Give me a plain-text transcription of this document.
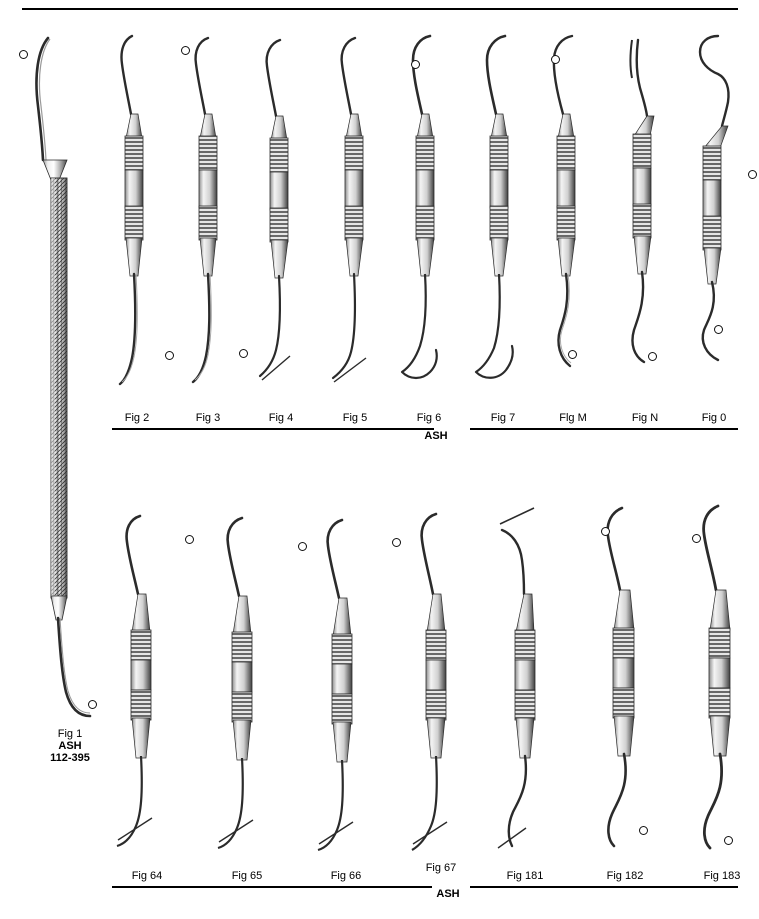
Fig 1
ASH
112-395
Fig 2	Fig 3	Fig 4	Fig 5	Fig 6	Fig 7	Flg M	Fig N	Fig 0
ASH
Fig 64	Fig 65	Fig 66
Fig 67
Fig 181	Fig 182	Fig 183
ASH
